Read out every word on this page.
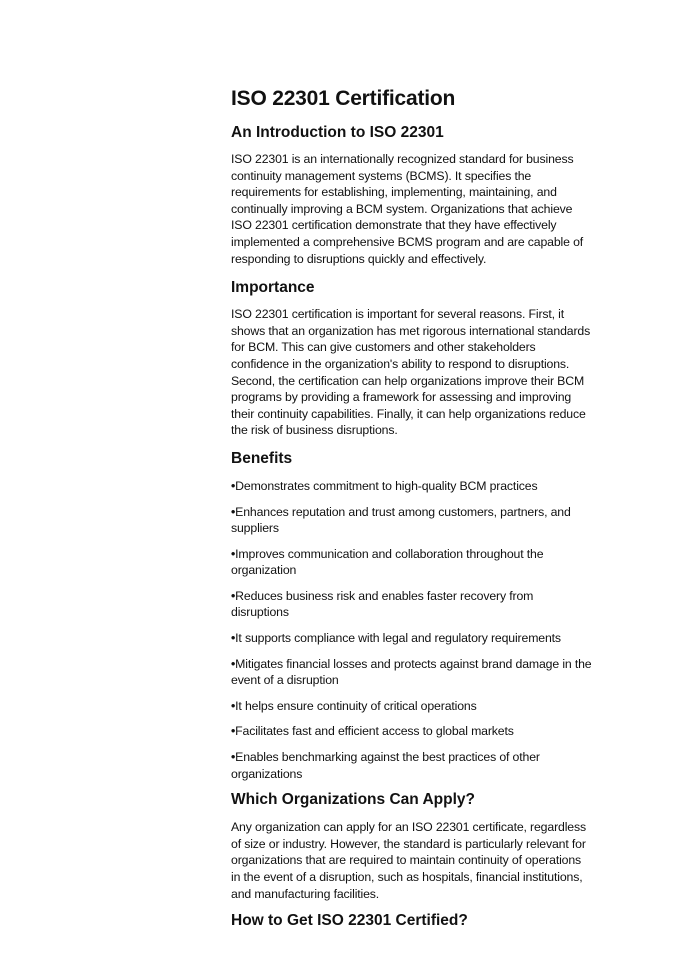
ISO 22301 Certification
An Introduction to ISO 22301

ISO 22301 is an internationally recognized standard for business continuity management systems (BCMS). It specifies the requirements for establishing, implementing, maintaining, and continually improving a BCM system. Organizations that achieve ISO 22301 certification demonstrate that they have effectively implemented a comprehensive BCMS program and are capable of responding to disruptions quickly and effectively.

Importance

ISO 22301 certification is important for several reasons. First, it shows that an organization has met rigorous international standards for BCM. This can give customers and other stakeholders confidence in the organization's ability to respond to disruptions. Second, the certification can help organizations improve their BCM programs by providing a framework for assessing and improving their continuity capabilities. Finally, it can help organizations reduce the risk of business disruptions.

Benefits

•Demonstrates commitment to high-quality BCM practices

•Enhances reputation and trust among customers, partners, and suppliers

•Improves communication and collaboration throughout the organization

•Reduces business risk and enables faster recovery from disruptions

•It supports compliance with legal and regulatory requirements

•Mitigates financial losses and protects against brand damage in the event of a disruption

•It helps ensure continuity of critical operations

•Facilitates fast and efficient access to global markets

•Enables benchmarking against the best practices of other organizations

Which Organizations Can Apply?

Any organization can apply for an ISO 22301 certificate, regardless of size or industry. However, the standard is particularly relevant for organizations that are required to maintain continuity of operations in the event of a disruption, such as hospitals, financial institutions, and manufacturing facilities.

How to Get ISO 22301 Certified?
